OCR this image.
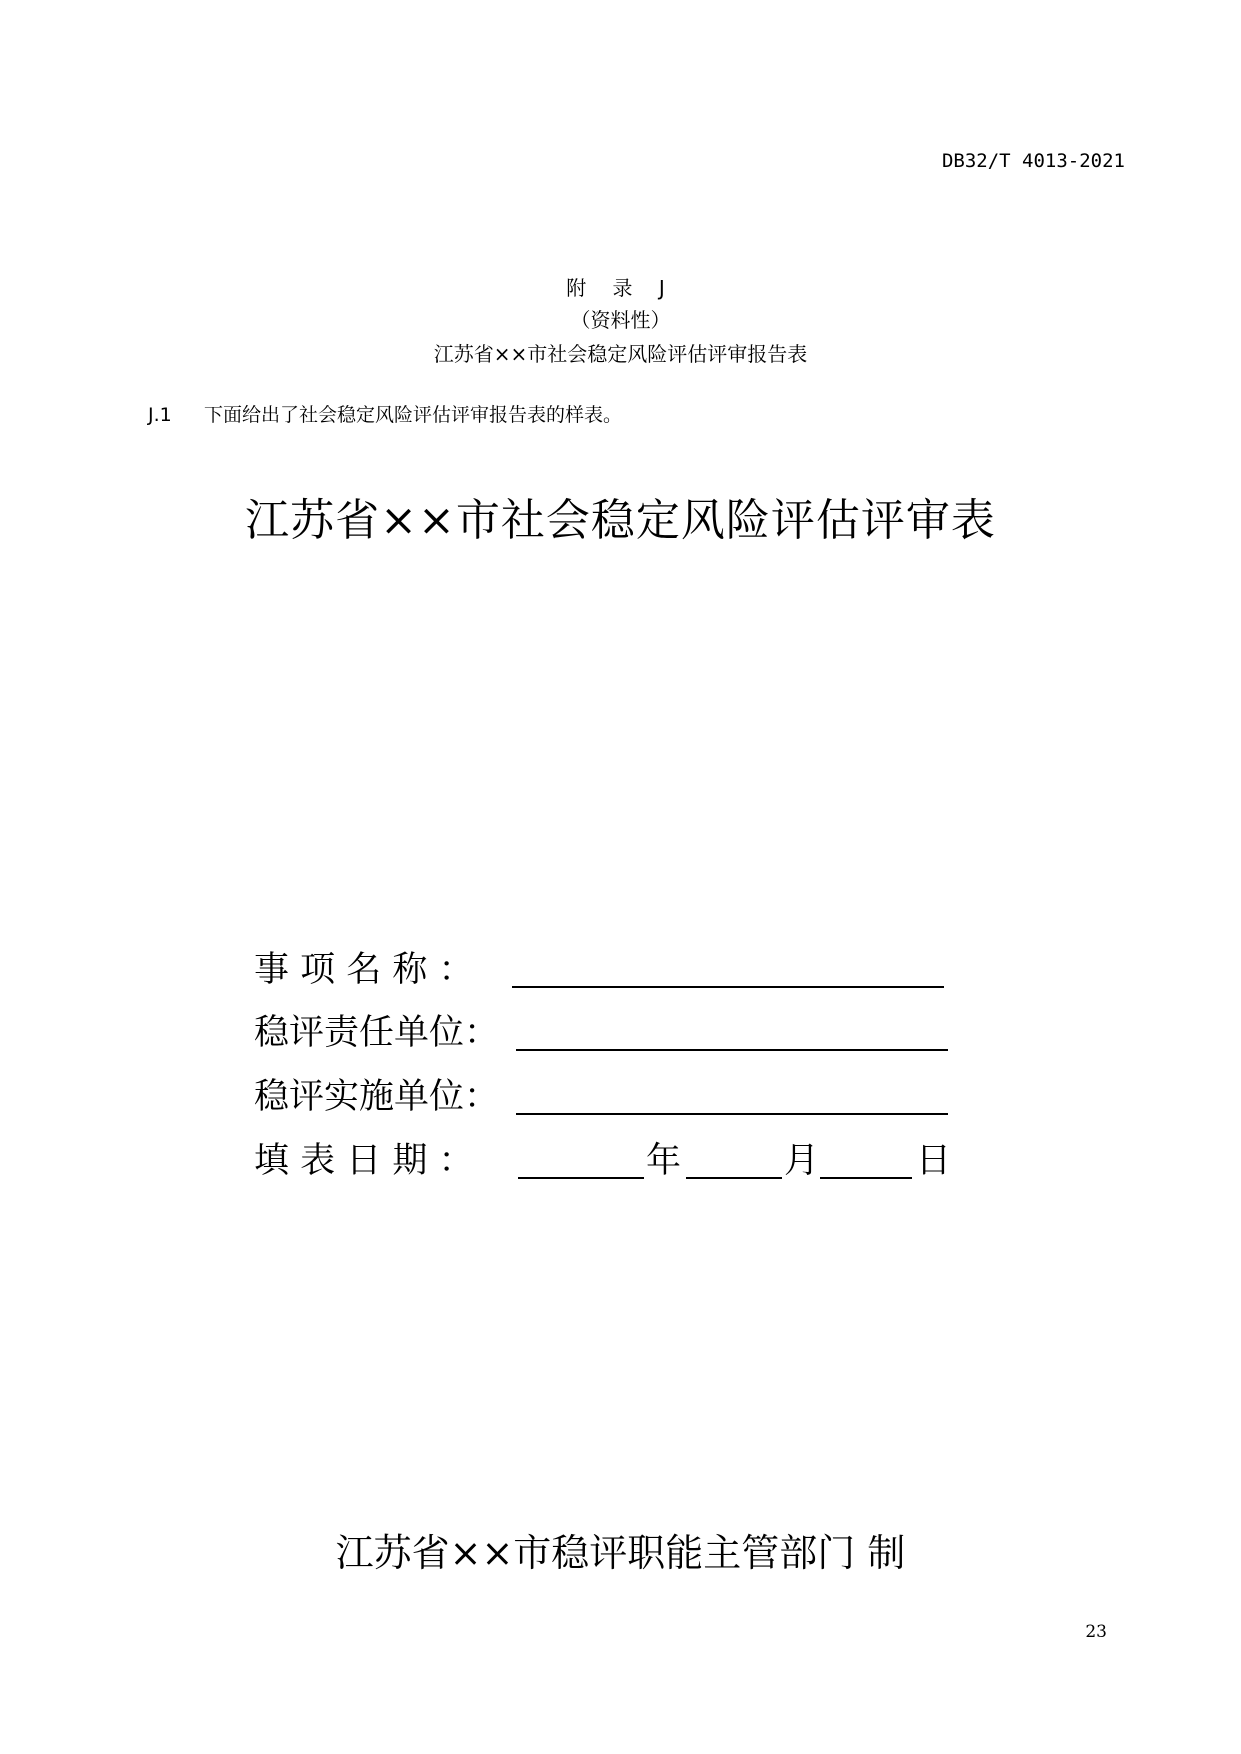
DB32/T 4013-2021
附 录 J
（资料性）
江苏省××市社会稳定风险评估评审报告表
J.1 下面给出了社会稳定风险评估评审报告表的样表。
江苏省××市社会稳定风险评估评审表
事 项 名 称 ：
稳评责任单位：
稳评实施单位：
填 表 日 期 ：	年	月	日
江苏省××市稳评职能主管部门 制
23
